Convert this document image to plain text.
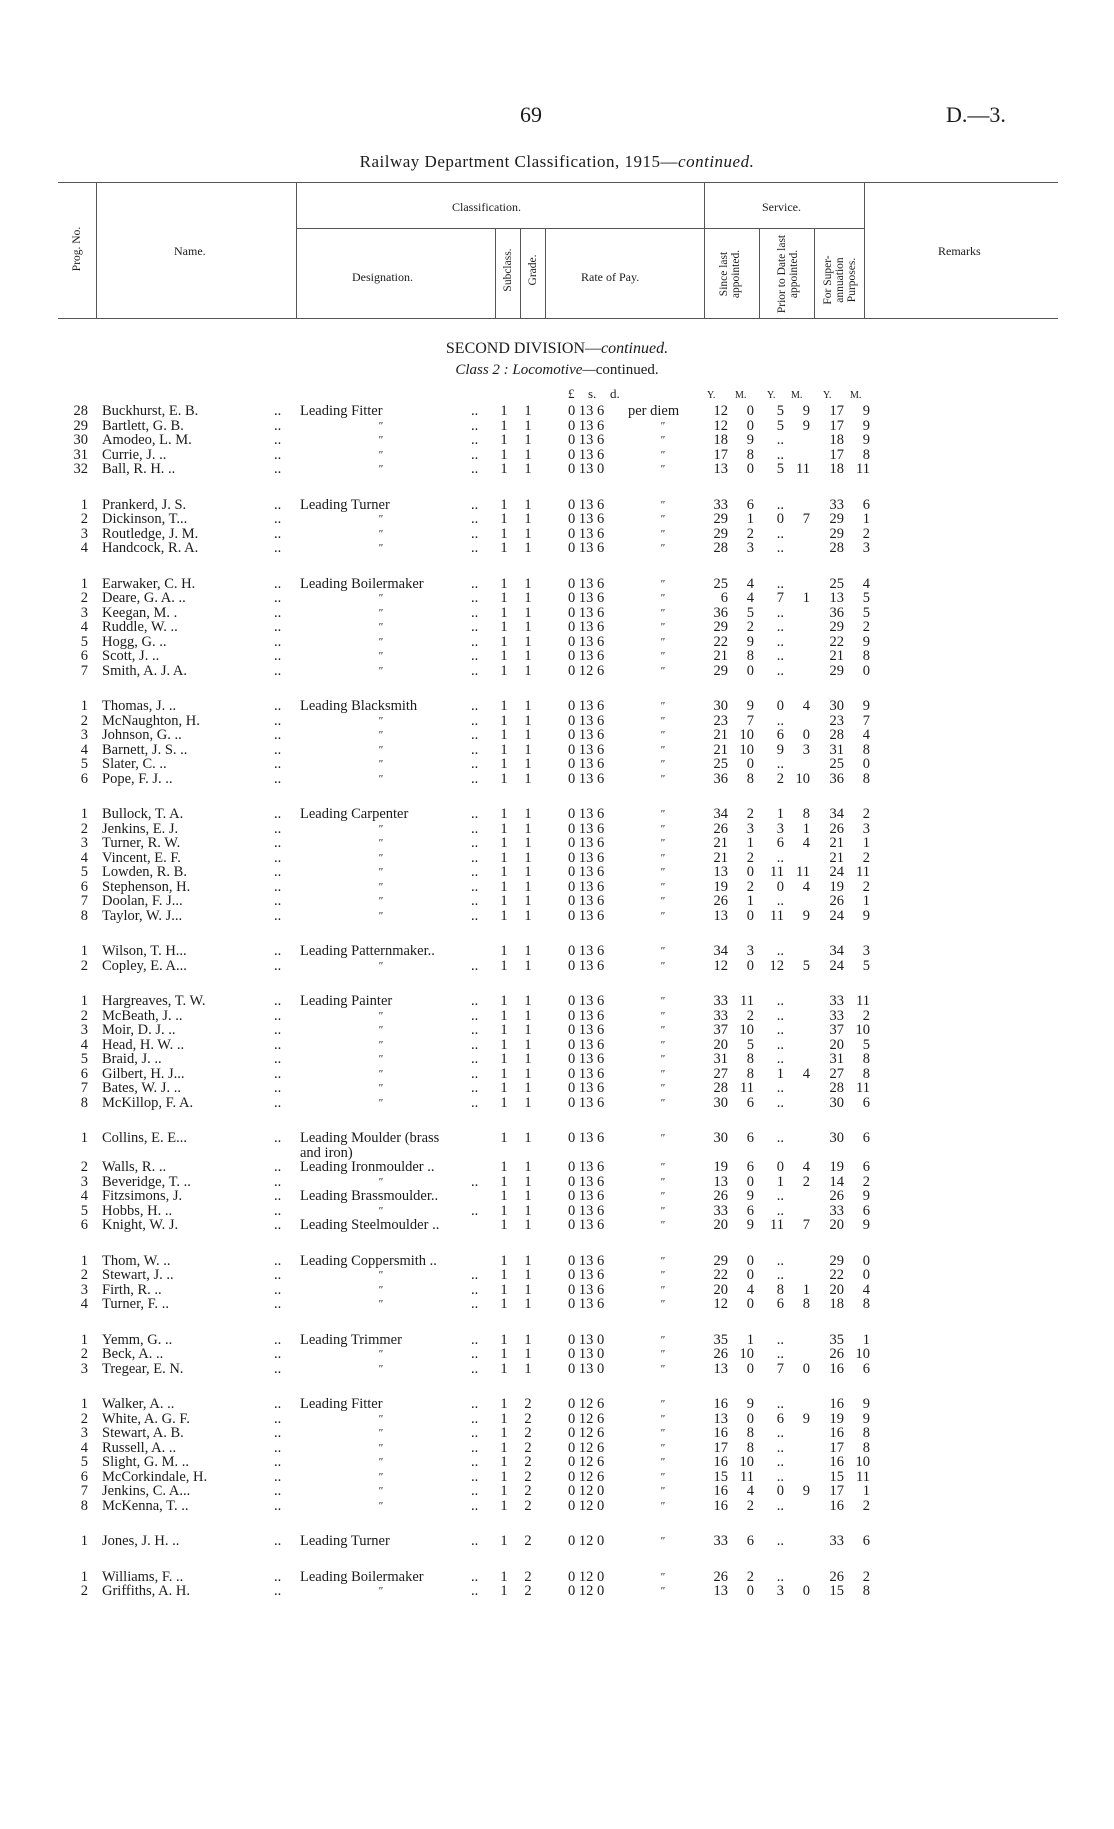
69	D.—3.
Railway Department Classification, 1915—continued.
Prog. No.	Name.
Classification.
Designation.	Subclass. Grade.	Rate of Pay.
Service.
Since last appointed.	Prior to Date last appointed. For Super-annuation Purposes.
Remarks
SECOND DIVISION—continued.
Class 2 : Locomotive—continued.
£ s. d.	Y. M. Y. M. Y. M.
28 Buckhurst, E. B.	.. Leading Fitter	.. 1 1	0 13 6 per diem	12	0	5	9	17	9
29 Bartlett, G. B.	..	"	.. 1 1	0 13 6	"	12	0	5	9	17	9
30 Amodeo, L. M.	..	"	.. 1 1	0 13 6	"	18	9	..	18	9
31 Currie, J. ..	..	"	.. 1 1	0 13 6	"	17	8	..	17	8
32 Ball, R. H. ..	..	"	.. 1 1	0 13 0	"	13	0	5 11	18 11
1 Prankerd, J. S.	.. Leading Turner	.. 1 1	0 13 6	"	33	6	..	33	6
2 Dickinson, T...	..	"	.. 1 1	0 13 6	"	29	1	0	7	29	1
3 Routledge, J. M.	..	"	.. 1 1	0 13 6	"	29	2	..	29	2
4 Handcock, R. A.	..	"	.. 1 1	0 13 6	"	28	3	..	28	3
1 Earwaker, C. H.	.. Leading Boilermaker	.. 1 1	0 13 6	"	25	4	..	25	4
2 Deare, G. A. ..	..	"	.. 1 1	0 13 6	"	6	4	7	1	13	5
3 Keegan, M. .	..	"	.. 1 1	0 13 6	"	36	5	..	36	5
4 Ruddle, W. ..	..	"	.. 1 1	0 13 6	"	29	2	..	29	2
5 Hogg, G. ..	..	"	.. 1 1	0 13 6	"	22	9	..	22	9
6 Scott, J. ..	..	"	.. 1 1	0 13 6	"	21	8	..	21	8
7 Smith, A. J. A.	..	"	.. 1 1	0 12 6	"	29	0	..	29	0
1 Thomas, J. ..	.. Leading Blacksmith	.. 1 1	0 13 6	"	30	9	0	4	30	9
2 McNaughton, H.	..	"	.. 1 1	0 13 6	"	23	7	..	23	7
3 Johnson, G. ..	..	"	.. 1 1	0 13 6	"	21 10	6	0	28	4
4 Barnett, J. S. ..	..	"	.. 1 1	0 13 6	"	21 10	9	3	31	8
5 Slater, C. ..	..	"	.. 1 1	0 13 6	"	25	0	..	25	0
6 Pope, F. J. ..	..	"	.. 1 1	0 13 6	"	36	8	2 10	36	8
1 Bullock, T. A.	.. Leading Carpenter	.. 1 1	0 13 6	"	34	2	1	8	34	2
2 Jenkins, E. J.	..	"	.. 1 1	0 13 6	"	26	3	3	1	26	3
3 Turner, R. W.	..	"	.. 1 1	0 13 6	"	21	1	6	4	21	1
4 Vincent, E. F.	..	"	.. 1 1	0 13 6	"	21	2	..	21	2
5 Lowden, R. B.	..	"	.. 1 1	0 13 6	"	13	0	11 11	24 11
6 Stephenson, H.	..	"	.. 1 1	0 13 6	"	19	2	0	4	19	2
7 Doolan, F. J...	..	"	.. 1 1	0 13 6	"	26	1	..	26	1
8 Taylor, W. J...	..	"	.. 1 1	0 13 6	"	13	0	11	9	24	9
1 Wilson, T. H...	.. Leading Patternmaker..	1 1	0 13 6	"	34	3	..	34	3
2 Copley, E. A...	..	"	.. 1 1	0 13 6	"	12	0	12	5	24	5
1 Hargreaves, T. W.	.. Leading Painter	.. 1 1	0 13 6	"	33 11	..	33 11
2 McBeath, J. ..	..	"	.. 1 1	0 13 6	"	33	2	..	33	2
3 Moir, D. J. ..	..	"	.. 1 1	0 13 6	"	37 10	..	37 10
4 Head, H. W. ..	..	"	.. 1 1	0 13 6	"	20	5	..	20	5
5 Braid, J. ..	..	"	.. 1 1	0 13 6	"	31	8	..	31	8
6 Gilbert, H. J...	..	"	.. 1 1	0 13 6	"	27	8	1	4	27	8
7 Bates, W. J. ..	..	"	.. 1 1	0 13 6	"	28 11	..	28 11
8 McKillop, F. A.	..	"	.. 1 1	0 13 6	"	30	6	..	30	6
1 Collins, E. E...	.. Leading Moulder (brass	1 1	0 13 6	"	30	6	..	30	6
and iron)
2 Walls, R. ..	.. Leading Ironmoulder ..	1 1	0 13 6	"	19	6	0	4	19	6
3 Beveridge, T. ..	..	"	.. 1 1	0 13 6	"	13	0	1	2	14	2
4 Fitzsimons, J.	.. Leading Brassmoulder..	1 1	0 13 6	"	26	9	..	26	9
5 Hobbs, H. ..	..	"	.. 1 1	0 13 6	"	33	6	..	33	6
6 Knight, W. J.	.. Leading Steelmoulder ..	1 1	0 13 6	"	20	9	11	7	20	9
1 Thom, W. ..	.. Leading Coppersmith ..	1 1	0 13 6	"	29	0	..	29	0
2 Stewart, J. ..	..	"	.. 1 1	0 13 6	"	22	0	..	22	0
3 Firth, R. ..	..	"	.. 1 1	0 13 6	"	20	4	8	1	20	4
4 Turner, F. ..	..	"	.. 1 1	0 13 6	"	12	0	6	8	18	8
1 Yemm, G. ..	.. Leading Trimmer	.. 1 1	0 13 0	"	35	1	..	35	1
2 Beck, A. ..	..	"	.. 1 1	0 13 0	"	26 10	..	26 10
3 Tregear, E. N.	..	"	.. 1 1	0 13 0	"	13	0	7	0	16	6
1 Walker, A. ..	.. Leading Fitter	.. 1 2	0 12 6	"	16	9	..	16	9
2 White, A. G. F.	..	"	.. 1 2	0 12 6	"	13	0	6	9	19	9
3 Stewart, A. B.	..	"	.. 1 2	0 12 6	"	16	8	..	16	8
4 Russell, A. ..	..	"	.. 1 2	0 12 6	"	17	8	..	17	8
5 Slight, G. M. ..	..	"	.. 1 2	0 12 6	"	16 10	..	16 10
6 McCorkindale, H.	..	"	.. 1 2	0 12 6	"	15 11	..	15 11
7 Jenkins, C. A...	..	"	.. 1 2	0 12 0	"	16	4	0	9	17	1
8 McKenna, T. ..	..	"	.. 1 2	0 12 0	"	16	2	..	16	2
1 Jones, J. H. ..	.. Leading Turner	.. 1 2	0 12 0	"	33	6	..	33	6
1 Williams, F. ..	.. Leading Boilermaker	.. 1 2	0 12 0	"	26	2	..	26	2
2 Griffiths, A. H.	..	"	.. 1 2	0 12 0	"	13	0	3	0	15	8
